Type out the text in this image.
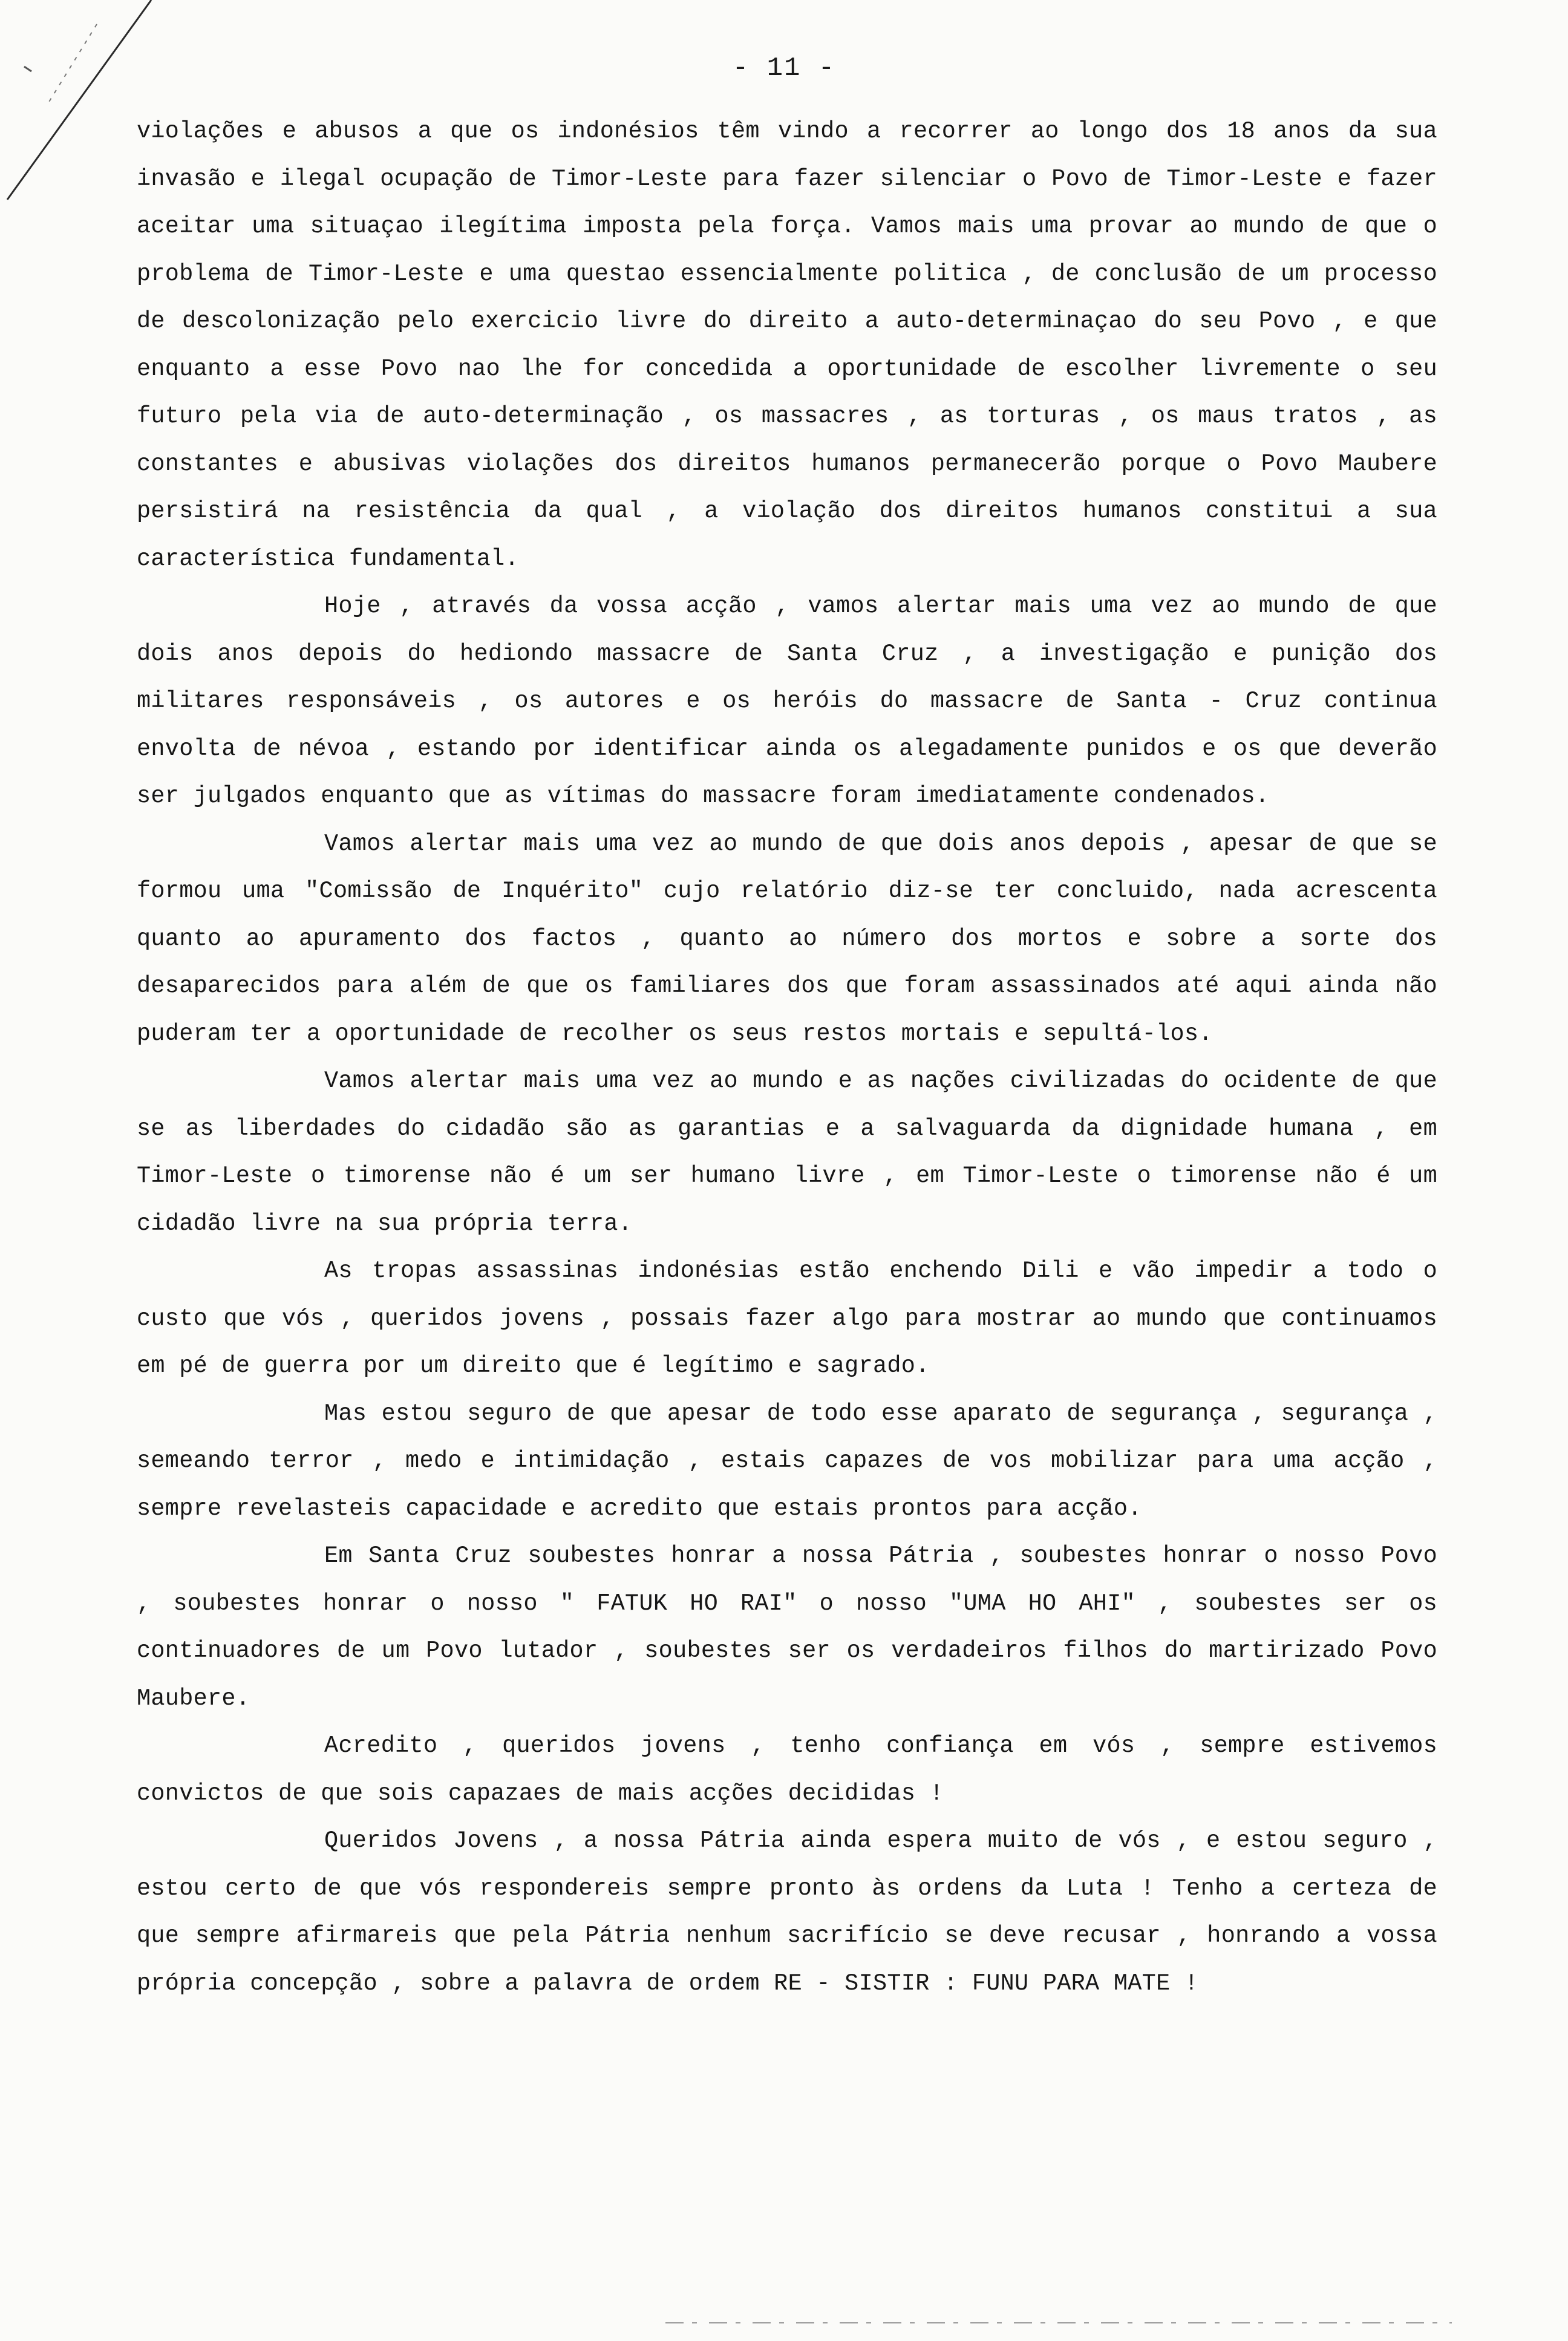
- 11 -

violações e abusos a que os indonésios têm vindo a recorrer ao longo dos 18 anos da sua invasão e ilegal ocupação de Timor-Leste para fazer silenciar o Povo de Timor-Leste e fazer aceitar uma situaçao ilegítima imposta pela força. Vamos mais uma provar ao mundo de que o problema de Timor-Leste e uma questao essencialmente politica , de conclusão de um processo de descolonização pelo exercicio livre do direito a auto-determinaçao do seu Povo , e que enquanto a esse Povo nao lhe for concedida a oportunidade de escolher livremente o seu futuro pela via de auto-determinação , os massacres , as torturas , os maus tratos , as constantes e abusivas violações dos direitos humanos permanecerão porque o Povo Maubere persistirá na resistência da qual , a violação dos direitos humanos constitui a sua característica fundamental.

Hoje , através da vossa acção , vamos alertar mais uma vez ao mundo de que dois anos depois do hediondo massacre de Santa Cruz , a investigação e punição dos militares responsáveis , os autores e os heróis do massacre de Santa - Cruz continua envolta de névoa , estando por identificar ainda os alegadamente punidos e os que deverão ser julgados enquanto que as vítimas do massacre foram imediatamente condenados.

Vamos alertar mais uma vez ao mundo de que dois anos depois , apesar de que se formou uma "Comissão de Inquérito" cujo relatório diz-se ter concluido, nada acrescenta quanto ao apuramento dos factos , quanto ao número dos mortos e sobre a sorte dos desaparecidos para além de que os familiares dos que foram assassinados até aqui ainda não puderam ter a oportunidade de recolher os seus restos mortais e sepultá-los.

Vamos alertar mais uma vez ao mundo e as nações civilizadas do ocidente de que se as liberdades do cidadão são as garantias e a salvaguarda da dignidade humana , em Timor-Leste o timorense não é um ser humano livre , em Timor-Leste o timorense não é um cidadão livre na sua própria terra.

As tropas assassinas indonésias estão enchendo Dili e vão impedir a todo o custo que vós , queridos jovens , possais fazer algo para mostrar ao mundo que continuamos em pé de guerra por um direito que é legítimo e sagrado.

Mas estou seguro de que apesar de todo esse aparato de segurança , segurança , semeando terror , medo e intimidação , estais capazes de vos mobilizar para uma acção , sempre revelasteis capacidade e acredito que estais prontos para acção.

Em Santa Cruz soubestes honrar a nossa Pátria , soubestes honrar o nosso Povo , soubestes honrar o nosso " FATUK HO RAI" o nosso "UMA HO AHI" , soubestes ser os continuadores de um Povo lutador , soubestes ser os verdadeiros filhos do martirizado Povo Maubere.

Acredito , queridos jovens , tenho confiança em vós , sempre estivemos convictos de que sois capazaes de mais acções decididas !

Queridos Jovens , a nossa Pátria ainda espera muito de vós , e estou seguro , estou certo de que vós respondereis sempre pronto às ordens da Luta ! Tenho a certeza de que sempre afirmareis que pela Pátria nenhum sacrifício se deve recusar , honrando a vossa própria concepção , sobre a palavra de ordem RE - SISTIR : FUNU PARA MATE !
